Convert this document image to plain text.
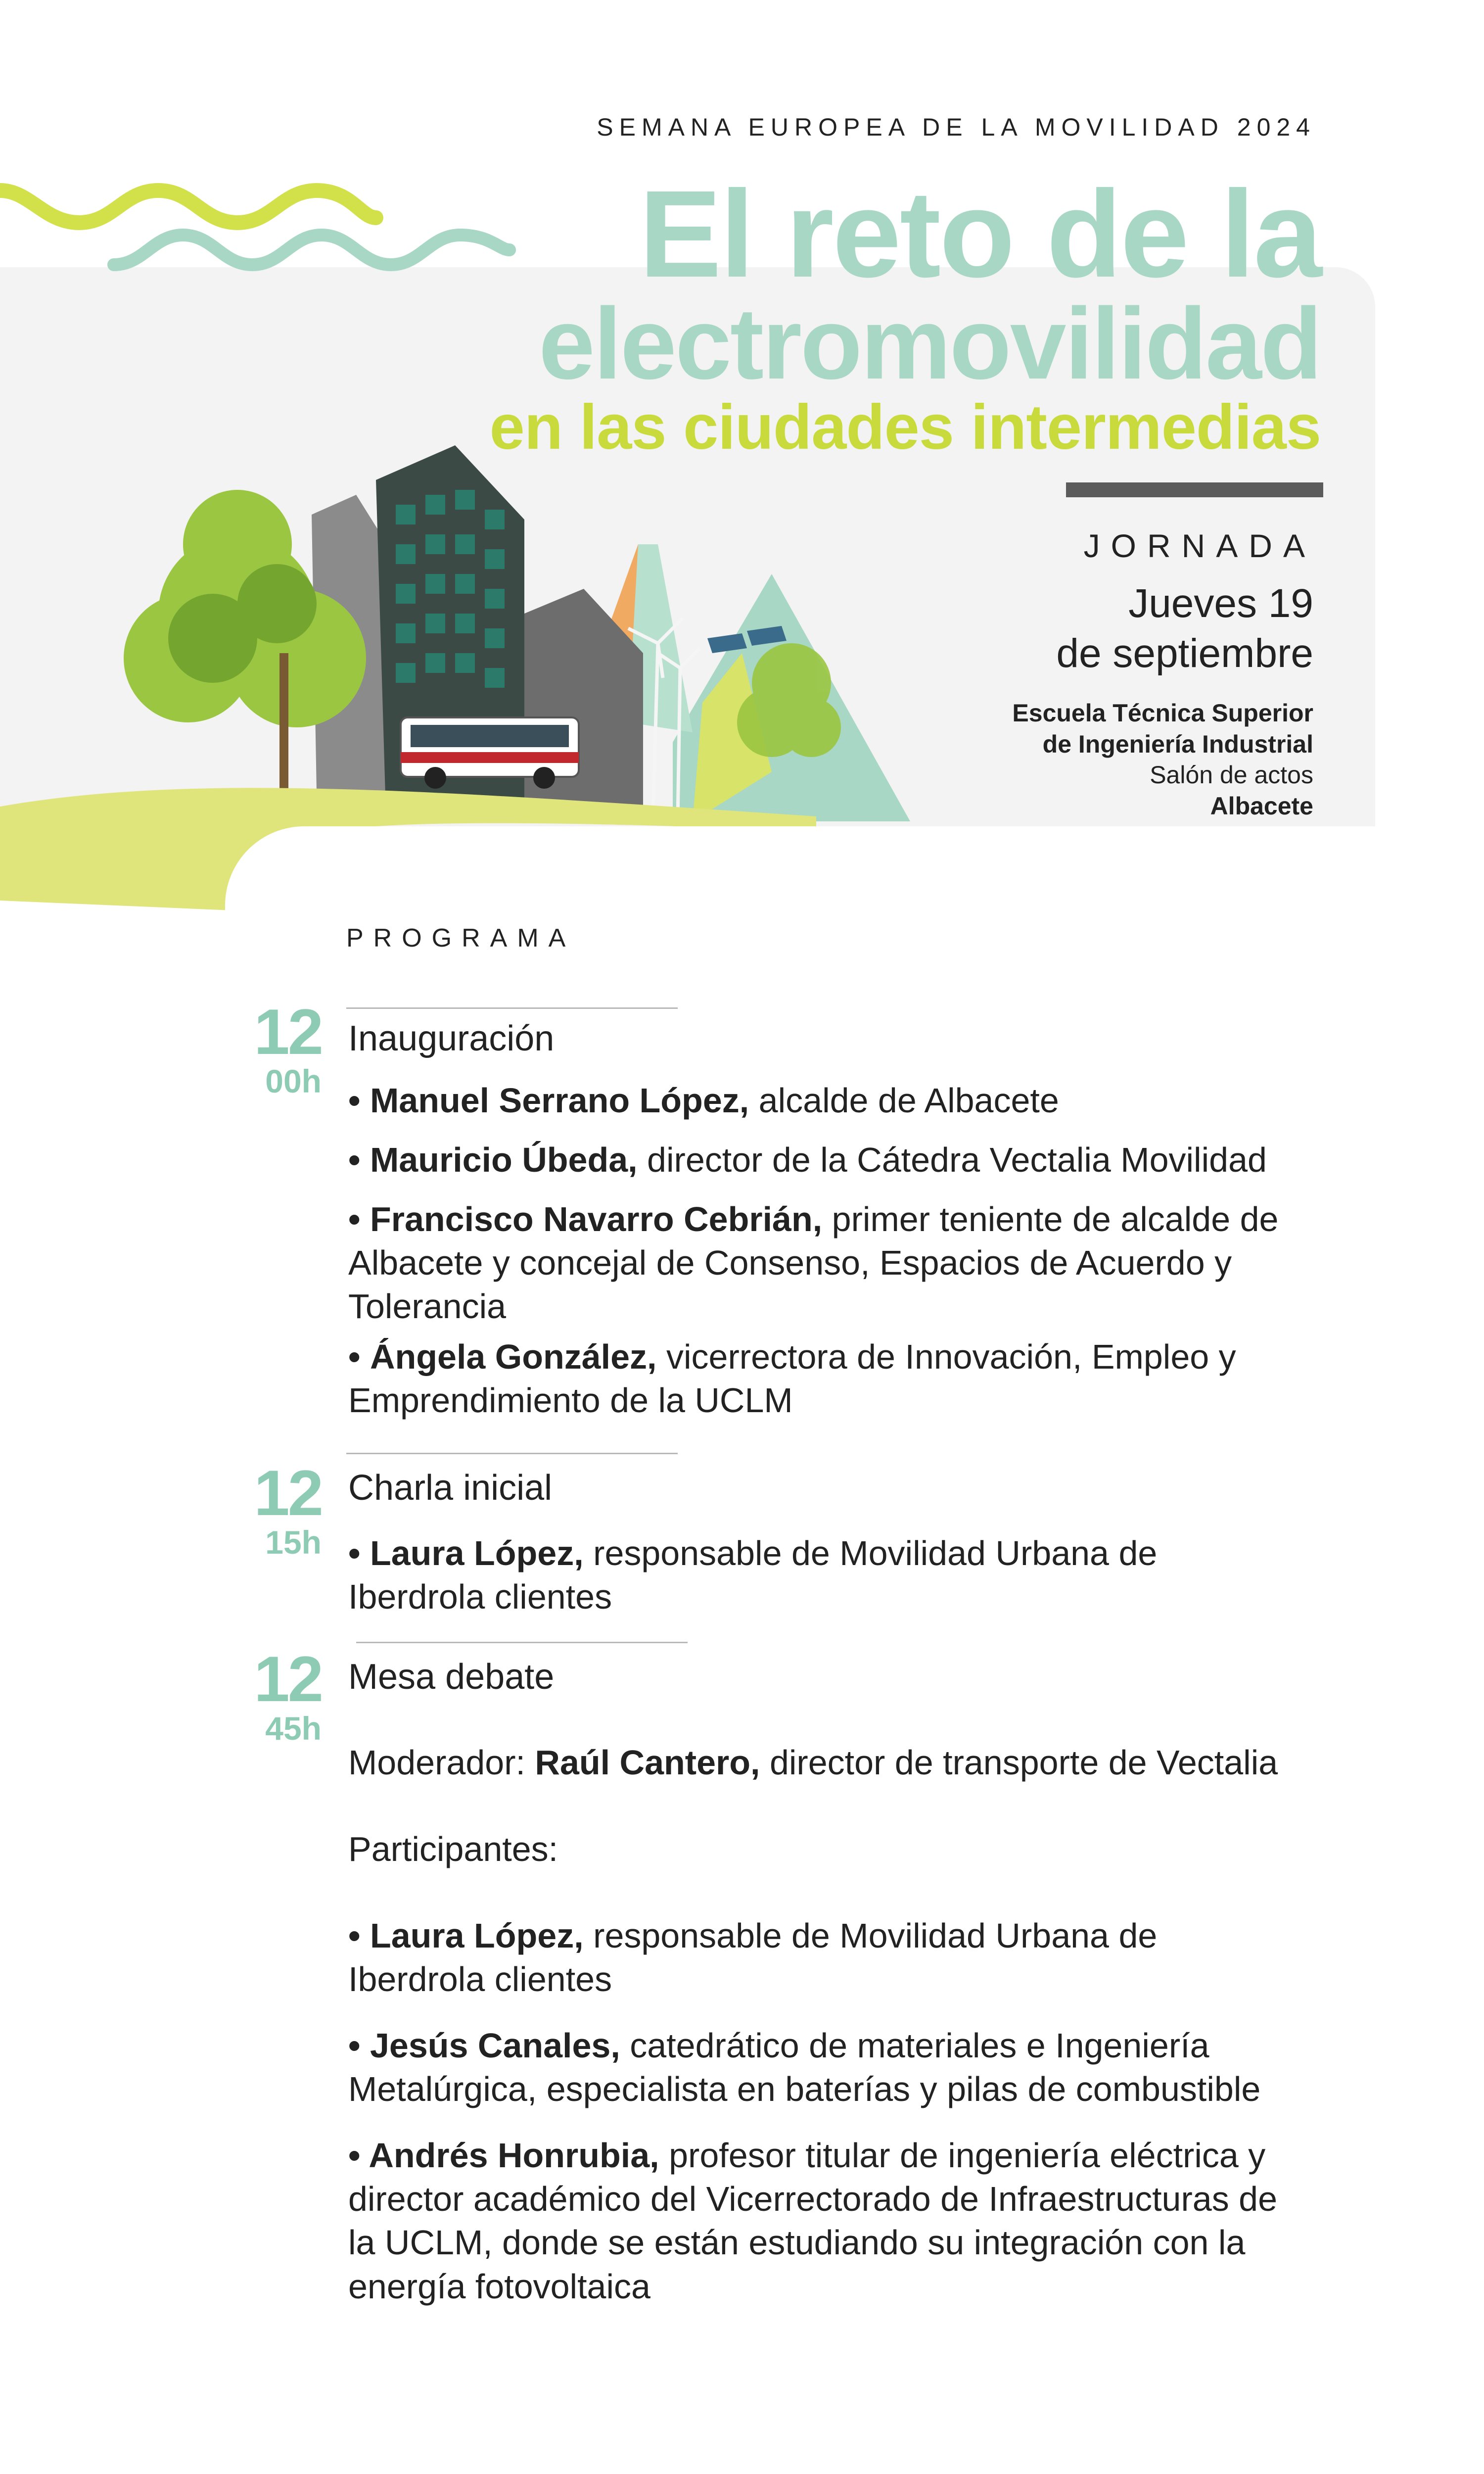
SEMANA EUROPEA DE LA MOVILIDAD 2024
El reto de la
electromovilidad
en las ciudades intermedias
JORNADA
Jueves 19
de septiembre
Escuela Técnica Superior
de Ingeniería Industrial
Salón de actos
Albacete
PROGRAMA
12
00h
Inauguración
• Manuel Serrano López, alcalde de Albacete
• Mauricio Úbeda, director de la Cátedra Vectalia Movilidad
• Francisco Navarro Cebrián, primer teniente de alcalde de
Albacete y concejal de Consenso, Espacios de Acuerdo y
Tolerancia
• Ángela González, vicerrectora de Innovación, Empleo y
Emprendimiento de la UCLM
12
15h
Charla inicial
• Laura López, responsable de Movilidad Urbana de
Iberdrola clientes
12
45h
Mesa debate
Moderador: Raúl Cantero, director de transporte de Vectalia
Participantes:
• Laura López, responsable de Movilidad Urbana de
Iberdrola clientes
• Jesús Canales, catedrático de materiales e Ingeniería
Metalúrgica, especialista en baterías y pilas de combustible
• Andrés Honrubia, profesor titular de ingeniería eléctrica y
director académico del Vicerrectorado de Infraestructuras de
la UCLM, donde se están estudiando su integración con la
energía fotovoltaica
